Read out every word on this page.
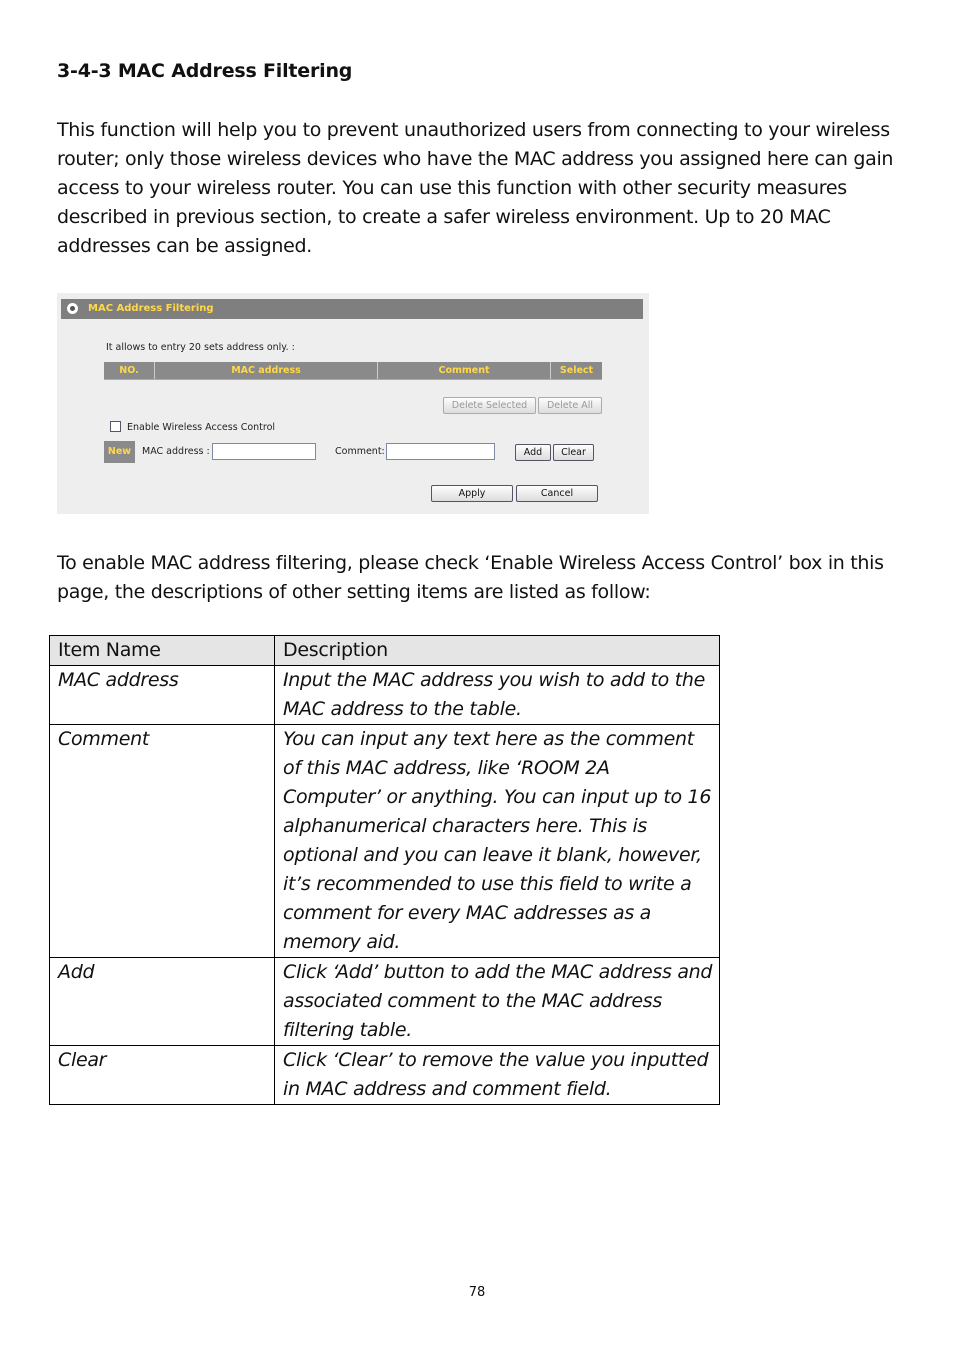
3-4-3 MAC Address Filtering
This function will help you to prevent unauthorized users from connecting to your wireless router; only those wireless devices who have the MAC address you assigned here can gain access to your wireless router. You can use this function with other security measures described in previous section, to create a safer wireless environment. Up to 20 MAC addresses can be assigned.
MAC Address Filtering
It allows to entry 20 sets address only. :
NO.	MAC address	Comment	Select
Delete Selected	Delete All
Enable Wireless Access Control
New	MAC address :	Comment:	Add	Clear
Apply	Cancel
To enable MAC address filtering, please check ‘Enable Wireless Access Control’ box in this page, the descriptions of other setting items are listed as follow:
Item Name	Description
MAC address	Input the MAC address you wish to add to the MAC address to the table.
Comment	You can input any text here as the comment of this MAC address, like ‘ROOM 2A Computer’ or anything. You can input up to 16 alphanumerical characters here. This is optional and you can leave it blank, however, it’s recommended to use this field to write a comment for every MAC addresses as a memory aid.
Add	Click ‘Add’ button to add the MAC address and associated comment to the MAC address filtering table.
Clear	Click ‘Clear’ to remove the value you inputted in MAC address and comment field.
78
